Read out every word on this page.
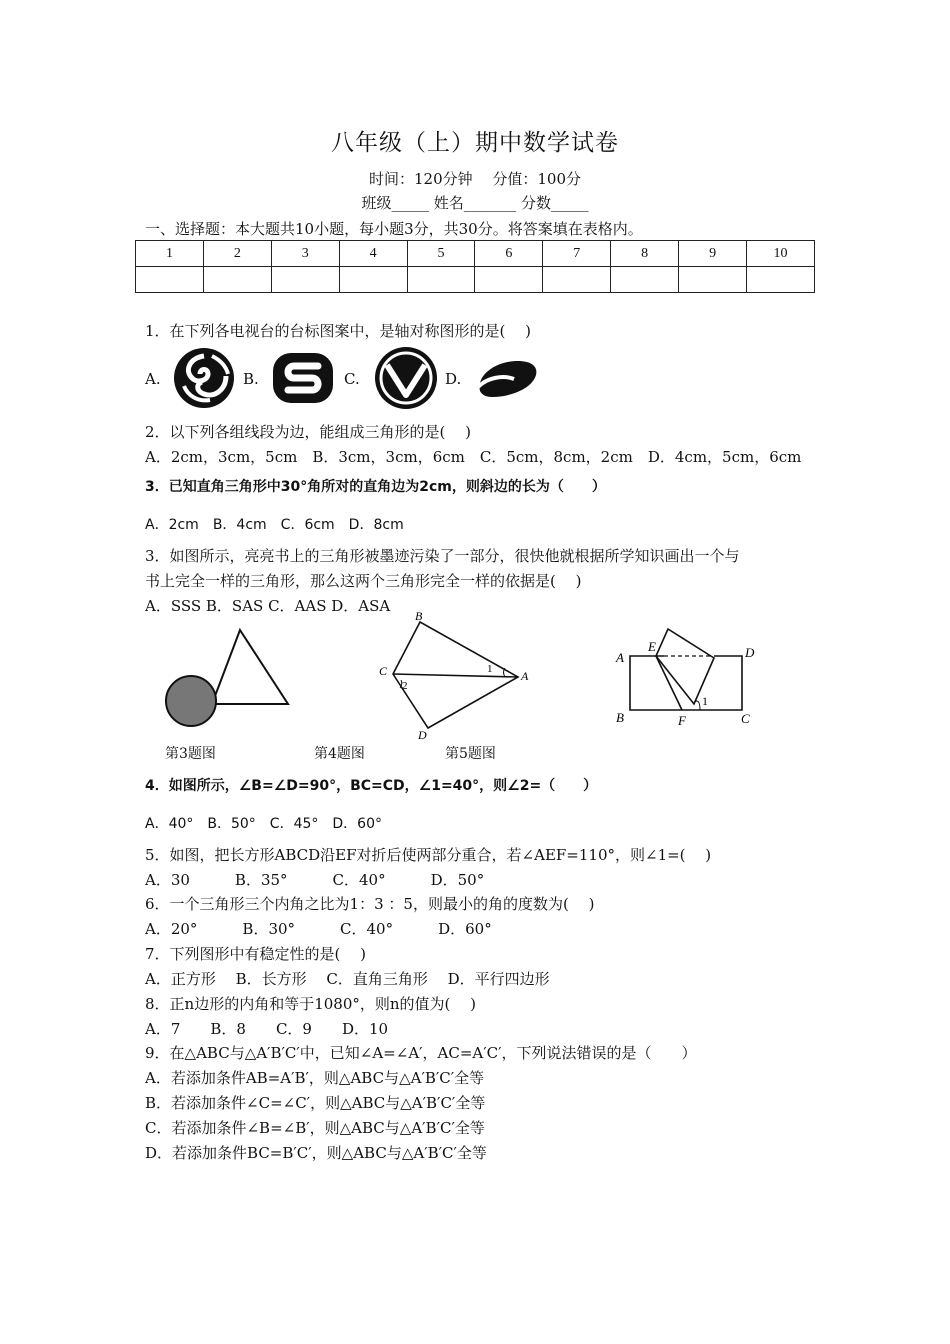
八年级（上）期中数学试卷
时间：120分钟　 分值：100分
班级_____ 姓名_______ 分数_____
一、选择题：本大题共10小题，每小题3分，共30分。将答案填在表格内。
1	2	3	4	5	6	7	8	9	10

1．在下列各电视台的台标图案中，是轴对称图形的是(　 )
A.	B.	C.	D.
2．以下列各组线段为边，能组成三角形的是(　 )
A．2cm，3cm，5cm　B．3cm，3cm，6cm　C．5cm，8cm，2cm　D．4cm，5cm，6cm
3．已知直角三角形中30°角所对的直角边为2cm，则斜边的长为（　　）
A．2cm　B．4cm　C．6cm　D．8cm
3．如图所示，亮亮书上的三角形被墨迹污染了一部分，很快他就根据所学知识画出一个与
书上完全一样的三角形，那么这两个三角形完全一样的依据是(　 )
A．SSS B．SAS C．AAS D．ASA
第3题图
B
C	A
D
1
2
第4题图
A
E	D
B	F	C
1
第5题图
4．如图所示，∠B=∠D=90°，BC=CD，∠1=40°，则∠2=（　　）
A．40°　B．50°　C．45°　D．60°
5．如图，把长方形ABCD沿EF对折后使两部分重合，若∠AEF=110°，则∠1=(　 )
A．30　　　B．35°　　　C．40°　　　D．50°
6．一个三角形三个内角之比为1：3 ：5，则最小的角的度数为(　 )
A．20°　　　B．30°　　　C．40°　　　D．60°
7．下列图形中有稳定性的是(　 )
A．正方形　 B．长方形　 C．直角三角形　 D．平行四边形
8．正n边形的内角和等于1080°，则n的值为(　 )
A．7　　B．8　　C．9　　D．10
9．在△ABC与△A′B′C′中，已知∠A=∠A′，AC=A′C′，下列说法错误的是（　　）
A．若添加条件AB=A′B′，则△ABC与△A′B′C′全等
B．若添加条件∠C=∠C′，则△ABC与△A′B′C′全等
C．若添加条件∠B=∠B′，则△ABC与△A′B′C′全等
D．若添加条件BC=B′C′，则△ABC与△A′B′C′全等
